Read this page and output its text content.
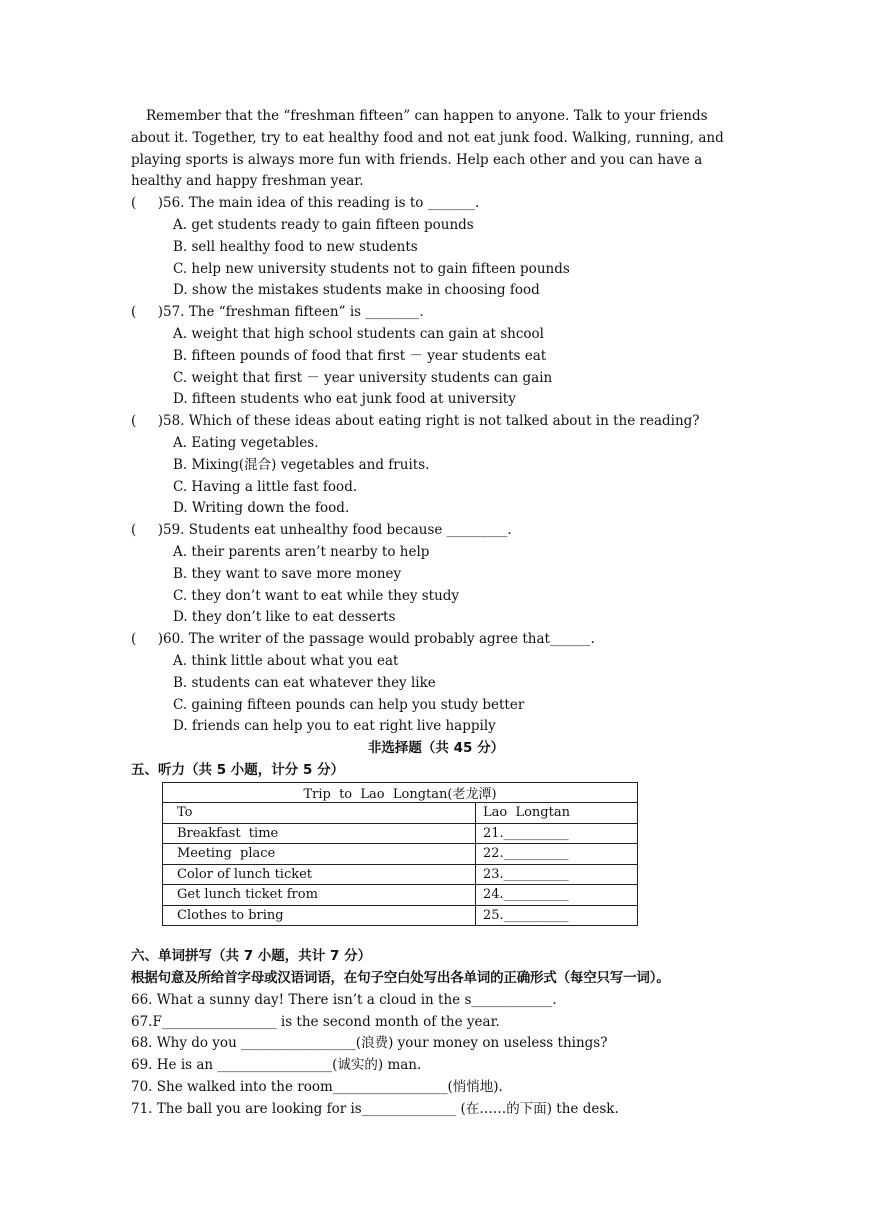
Remember that the “freshman fifteen” can happen to anyone. Talk to your friends about it. Together, try to eat healthy food and not eat junk food. Walking, running, and playing sports is always more fun with friends. Help each other and you can have a healthy and happy freshman year.
(     )56. The main idea of this reading is to _______.
A. get students ready to gain fifteen pounds
B. sell healthy food to new students
C. help new university students not to gain fifteen pounds
D. show the mistakes students make in choosing food
(     )57. The “freshman fifteen” is ________.
A. weight that high school students can gain at shcool
B. fifteen pounds of food that first － year students eat
C. weight that first － year university students can gain
D. fifteen students who eat junk food at university
(     )58. Which of these ideas about eating right is not talked about in the reading?
A. Eating vegetables.
B. Mixing(混合) vegetables and fruits.
C. Having a little fast food.
D. Writing down the food.
(     )59. Students eat unhealthy food because _________.
A. their parents aren’t nearby to help
B. they want to save more money
C. they don’t want to eat while they study
D. they don’t like to eat desserts
(     )60. The writer of the passage would probably agree that______.
A. think little about what you eat
B. students can eat whatever they like
C. gaining fifteen pounds can help you study better
D. friends can help you to eat right live happily
非选择题（共 45 分）
五、听力（共 5 小题，计分 5 分）
Trip  to  Lao  Longtan(老龙潭)	
To	Lao  Longtan
Breakfast  time	21.__________
Meeting  place	22.__________
Color of lunch ticket	23.__________
Get lunch ticket from	24.__________
Clothes to bring	25.__________
六、单词拼写（共 7 小题，共计 7 分）
根据句意及所给首字母或汉语词语，在句子空白处写出各单词的正确形式（每空只写一词）。
66. What a sunny day! There isn’t a cloud in the s____________.
67.F_________________ is the second month of the year.
68. Why do you _________________(浪费) your money on useless things?
69. He is an _________________(诚实的) man.
70. She walked into the room_________________(悄悄地).
71. The ball you are looking for is______________ (在……的下面) the desk.
